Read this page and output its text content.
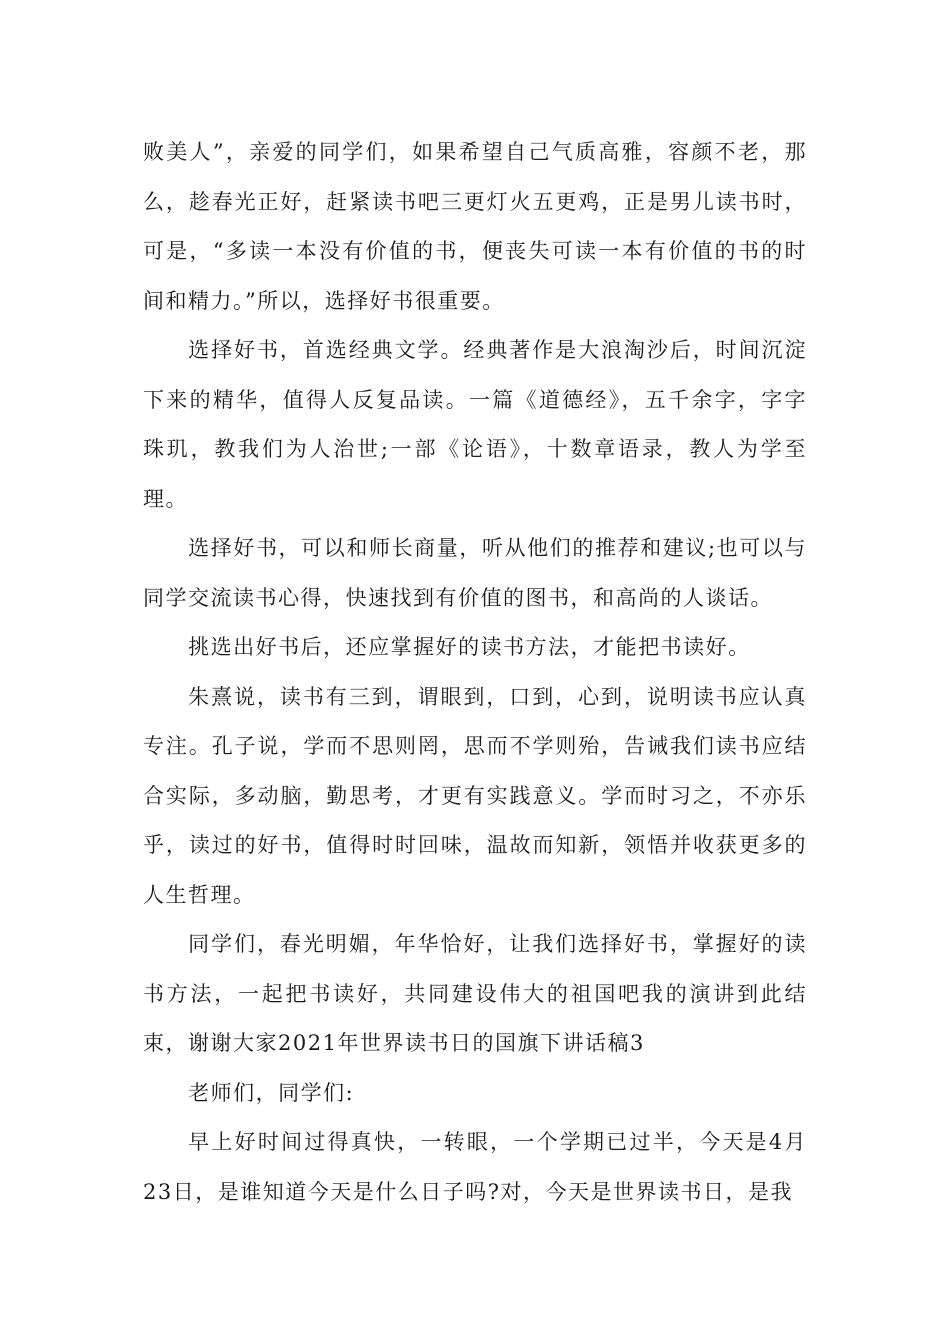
败美人”，亲爱的同学们，如果希望自己气质高雅，容颜不老，那么，趁春光正好，赶紧读书吧三更灯火五更鸡，正是男儿读书时，可是，“多读一本没有价值的书，便丧失可读一本有价值的书的时间和精力。”所以，选择好书很重要。

选择好书，首选经典文学。经典著作是大浪淘沙后，时间沉淀下来的精华，值得人反复品读。一篇《道德经》，五千余字，字字珠玑，教我们为人治世;一部《论语》，十数章语录，教人为学至理。

选择好书，可以和师长商量，听从他们的推荐和建议;也可以与同学交流读书心得，快速找到有价值的图书，和高尚的人谈话。

挑选出好书后，还应掌握好的读书方法，才能把书读好。

朱熹说，读书有三到，谓眼到，口到，心到，说明读书应认真专注。孔子说，学而不思则罔，思而不学则殆，告诫我们读书应结合实际，多动脑，勤思考，才更有实践意义。学而时习之，不亦乐乎，读过的好书，值得时时回味，温故而知新，领悟并收获更多的人生哲理。

同学们，春光明媚，年华恰好，让我们选择好书，掌握好的读书方法，一起把书读好，共同建设伟大的祖国吧我的演讲到此结束，谢谢大家2021年世界读书日的国旗下讲话稿3

老师们，同学们:

早上好时间过得真快，一转眼，一个学期已过半，今天是4月23日，是谁知道今天是什么日子吗?对，今天是世界读书日，是我
